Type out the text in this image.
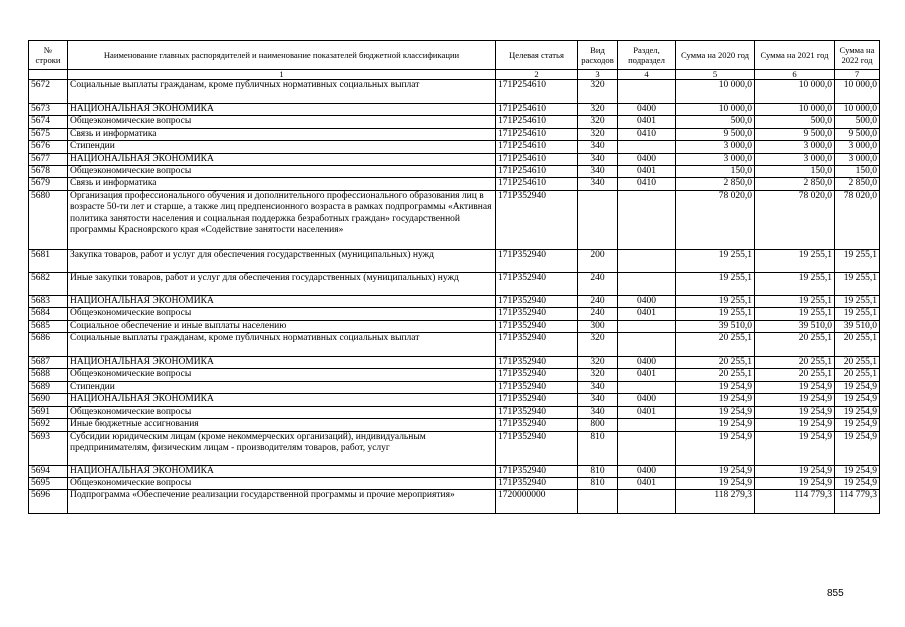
№ строки	Наименование главных распорядителей и наименование показателей бюджетной классификации	Целевая статья	Вид расходов	Раздел, подраздел	Сумма на 2020 год	Сумма на 2021 год	Сумма на 2022 год
	1	2	3	4	5	6	7
5672	Социальные выплаты гражданам, кроме публичных нормативных социальных выплат	171P254610	320		10 000,0	10 000,0	10 000,0
5673	НАЦИОНАЛЬНАЯ ЭКОНОМИКА	171P254610	320	0400	10 000,0	10 000,0	10 000,0
5674	Общеэкономические вопросы	171P254610	320	0401	500,0	500,0	500,0
5675	Связь и информатика	171P254610	320	0410	9 500,0	9 500,0	9 500,0
5676	Стипендии	171P254610	340		3 000,0	3 000,0	3 000,0
5677	НАЦИОНАЛЬНАЯ ЭКОНОМИКА	171P254610	340	0400	3 000,0	3 000,0	3 000,0
5678	Общеэкономические вопросы	171P254610	340	0401	150,0	150,0	150,0
5679	Связь и информатика	171P254610	340	0410	2 850,0	2 850,0	2 850,0
5680	Организация профессионального обучения и дополнительного профессионального образования лиц в возрасте 50-ти лет и старше, а также лиц предпенсионного возраста в рамках подпрограммы «Активная политика занятости населения и социальная поддержка безработных граждан» государственной программы Красноярского края «Содействие занятости населения»	171P352940			78 020,0	78 020,0	78 020,0
5681	Закупка товаров, работ и услуг для обеспечения государственных (муниципальных) нужд	171P352940	200		19 255,1	19 255,1	19 255,1
5682	Иные закупки товаров, работ и услуг для обеспечения государственных (муниципальных) нужд	171P352940	240		19 255,1	19 255,1	19 255,1
5683	НАЦИОНАЛЬНАЯ ЭКОНОМИКА	171P352940	240	0400	19 255,1	19 255,1	19 255,1
5684	Общеэкономические вопросы	171P352940	240	0401	19 255,1	19 255,1	19 255,1
5685	Социальное обеспечение и иные выплаты населению	171P352940	300		39 510,0	39 510,0	39 510,0
5686	Социальные выплаты гражданам, кроме публичных нормативных социальных выплат	171P352940	320		20 255,1	20 255,1	20 255,1
5687	НАЦИОНАЛЬНАЯ ЭКОНОМИКА	171P352940	320	0400	20 255,1	20 255,1	20 255,1
5688	Общеэкономические вопросы	171P352940	320	0401	20 255,1	20 255,1	20 255,1
5689	Стипендии	171P352940	340		19 254,9	19 254,9	19 254,9
5690	НАЦИОНАЛЬНАЯ ЭКОНОМИКА	171P352940	340	0400	19 254,9	19 254,9	19 254,9
5691	Общеэкономические вопросы	171P352940	340	0401	19 254,9	19 254,9	19 254,9
5692	Иные бюджетные ассигнования	171P352940	800		19 254,9	19 254,9	19 254,9
5693	Субсидии юридическим лицам (кроме некоммерческих организаций), индивидуальным предпринимателям, физическим лицам - производителям товаров, работ, услуг	171P352940	810		19 254,9	19 254,9	19 254,9
5694	НАЦИОНАЛЬНАЯ ЭКОНОМИКА	171P352940	810	0400	19 254,9	19 254,9	19 254,9
5695	Общеэкономические вопросы	171P352940	810	0401	19 254,9	19 254,9	19 254,9
5696	Подпрограмма «Обеспечение реализации государственной программы и прочие мероприятия»	1720000000			118 279,3	114 779,3	114 779,3
855
